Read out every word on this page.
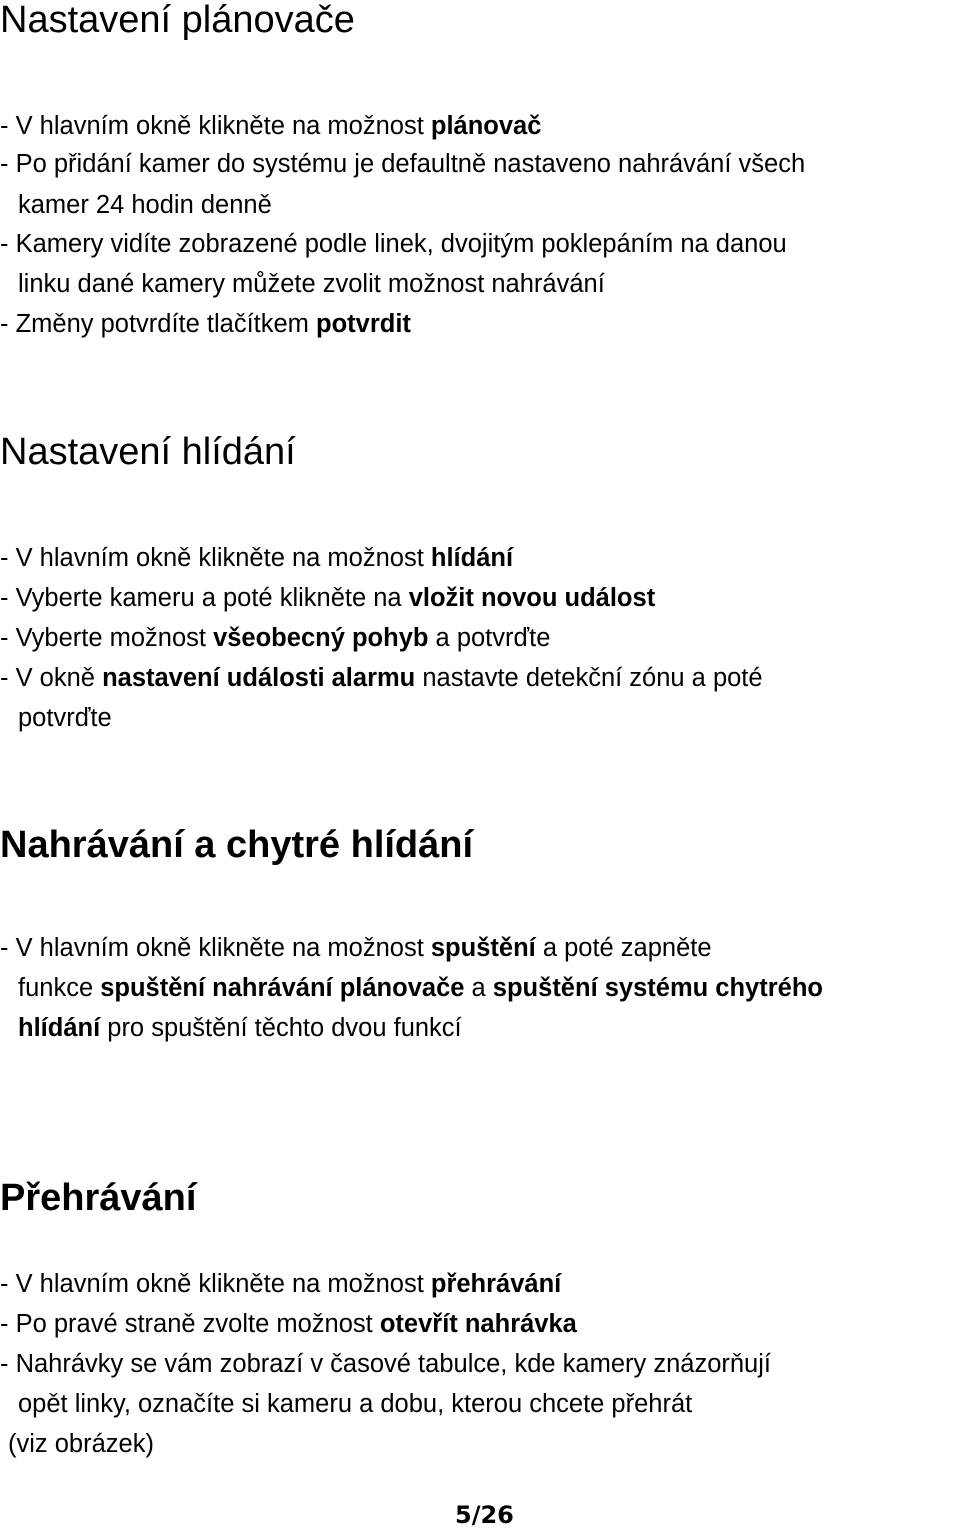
Nastavení plánovače

- V hlavním okně klikněte na možnost plánovač

- Po přidání kamer do systému je defaultně nastaveno nahrávání všech

kamer 24 hodin denně

- Kamery vidíte zobrazené podle linek, dvojitým poklepáním na danou

linku dané kamery můžete zvolit možnost nahrávání

- Změny potvrdíte tlačítkem potvrdit

Nastavení hlídání

- V hlavním okně klikněte na možnost hlídání

- Vyberte kameru a poté klikněte na vložit novou událost

- Vyberte možnost všeobecný pohyb a potvrďte

- V okně nastavení události alarmu nastavte detekční zónu a poté

potvrďte

Nahrávání a chytré hlídání

- V hlavním okně klikněte na možnost spuštění a poté zapněte

funkce spuštění nahrávání plánovače a spuštění systému chytrého

hlídání pro spuštění těchto dvou funkcí

Přehrávání

- V hlavním okně klikněte na možnost přehrávání

- Po pravé straně zvolte možnost otevřít nahrávka

- Nahrávky se vám zobrazí v časové tabulce, kde kamery znázorňují

opět linky, označíte si kameru a dobu, kterou chcete přehrát

(viz obrázek)

5/26
